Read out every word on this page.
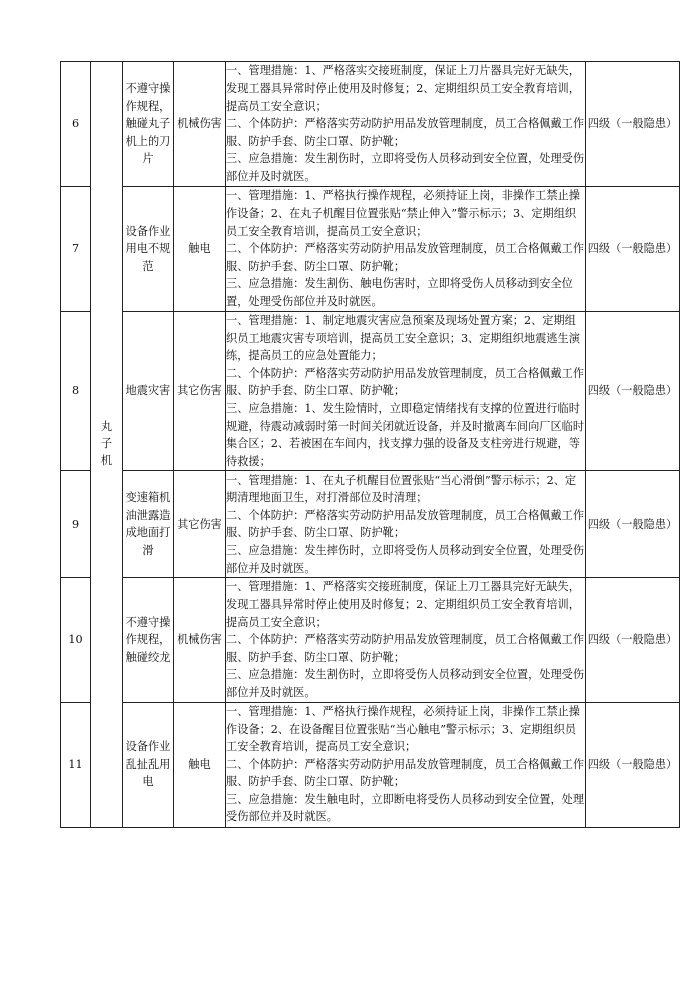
6	丸子机	不遵守操作规程，触碰丸子机上的刀片	机械伤害	一、管理措施：1、严格落实交接班制度，保证上刀片器具完好无缺失，发现工器具异常时停止使用及时修复；2、定期组织员工安全教育培训，提高员工安全意识；
二、个体防护：严格落实劳动防护用品发放管理制度，员工合格佩戴工作服、防护手套、防尘口罩、防护靴；
三、应急措施：发生割伤时，立即将受伤人员移动到安全位置，处理受伤部位并及时就医。	四级（一般隐患）
7		设备作业用电不规范	触电	一、管理措施：1、严格执行操作规程，必须持证上岗，非操作工禁止操作设备；2、在丸子机醒目位置张贴“禁止伸入”警示标示；3、定期组织员工安全教育培训，提高员工安全意识；
二、个体防护：严格落实劳动防护用品发放管理制度，员工合格佩戴工作服、防护手套、防尘口罩、防护靴；
三、应急措施：发生割伤、触电伤害时，立即将受伤人员移动到安全位置，处理受伤部位并及时就医。	四级（一般隐患）
8		地震灾害	其它伤害	一、管理措施：1、制定地震灾害应急预案及现场处置方案；2、定期组织员工地震灾害专项培训，提高员工安全意识；3、定期组织地震逃生演练，提高员工的应急处置能力；
二、个体防护：严格落实劳动防护用品发放管理制度，员工合格佩戴工作服、防护手套、防尘口罩、防护靴；
三、应急措施：1、发生险情时，立即稳定情绪找有支撑的位置进行临时规避，待震动减弱时第一时间关闭就近设备，并及时撤离车间向厂区临时集合区；2、若被困在车间内，找支撑力强的设备及支柱旁进行规避，等待救援；	四级（一般隐患）
9		变速箱机油泄露造成地面打滑	其它伤害	一、管理措施：1、在丸子机醒目位置张贴“当心滑倒”警示标示；2、定期清理地面卫生，对打滑部位及时清理；
二、个体防护：严格落实劳动防护用品发放管理制度，员工合格佩戴工作服、防护手套、防尘口罩、防护靴；
三、应急措施：发生摔伤时，立即将受伤人员移动到安全位置，处理受伤部位并及时就医。	四级（一般隐患）
10		不遵守操作规程，触碰绞龙	机械伤害	一、管理措施：1、严格落实交接班制度，保证上刀工器具完好无缺失，发现工器具异常时停止使用及时修复；2、定期组织员工安全教育培训，提高员工安全意识；
二、个体防护：严格落实劳动防护用品发放管理制度，员工合格佩戴工作服、防护手套、防尘口罩、防护靴；
三、应急措施：发生割伤时，立即将受伤人员移动到安全位置，处理受伤部位并及时就医。	四级（一般隐患）
11		设备作业乱扯乱用电	触电	一、管理措施：1、严格执行操作规程，必须持证上岗，非操作工禁止操作设备；2、在设备醒目位置张贴“当心触电”警示标示；3、定期组织员工安全教育培训，提高员工安全意识；
二、个体防护：严格落实劳动防护用品发放管理制度，员工合格佩戴工作服、防护手套、防尘口罩、防护靴；
三、应急措施：发生触电时，立即断电将受伤人员移动到安全位置，处理受伤部位并及时就医。	四级（一般隐患）
